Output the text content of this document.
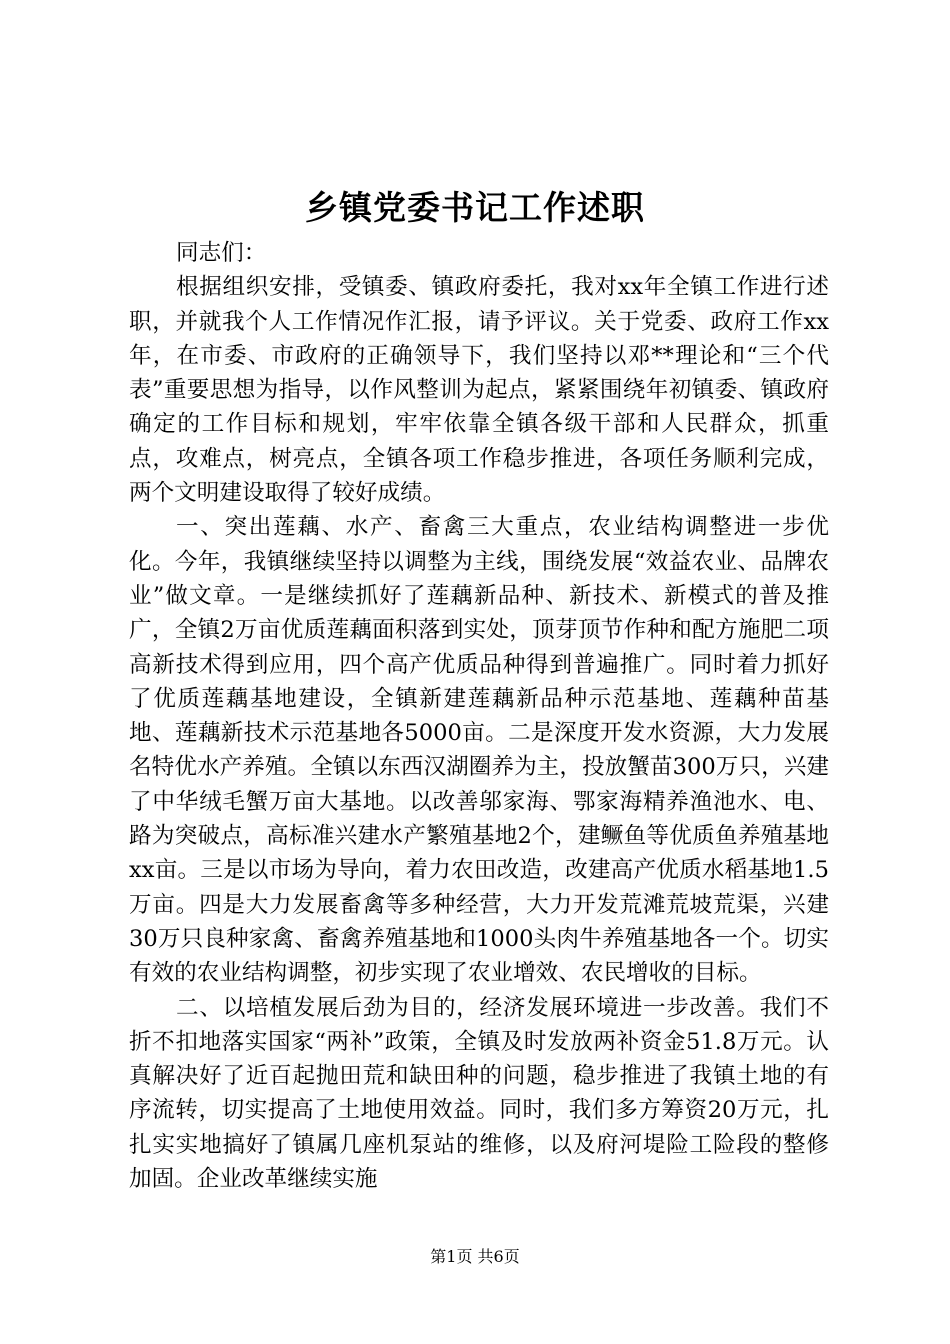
乡镇党委书记工作述职

同志们：

根据组织安排，受镇委、镇政府委托，我对xx年全镇工作进行述职，并就我个人工作情况作汇报，请予评议。关于党委、政府工作xx年，在市委、市政府的正确领导下，我们坚持以邓**理论和“三个代表”重要思想为指导，以作风整训为起点，紧紧围绕年初镇委、镇政府确定的工作目标和规划，牢牢依靠全镇各级干部和人民群众，抓重点，攻难点，树亮点，全镇各项工作稳步推进，各项任务顺利完成，两个文明建设取得了较好成绩。

一、突出莲藕、水产、畜禽三大重点，农业结构调整进一步优化。今年，我镇继续坚持以调整为主线，围绕发展“效益农业、品牌农业”做文章。一是继续抓好了莲藕新品种、新技术、新模式的普及推广，全镇2万亩优质莲藕面积落到实处，顶芽顶节作种和配方施肥二项高新技术得到应用，四个高产优质品种得到普遍推广。同时着力抓好了优质莲藕基地建设，全镇新建莲藕新品种示范基地、莲藕种苗基地、莲藕新技术示范基地各5000亩。二是深度开发水资源，大力发展名特优水产养殖。全镇以东西汉湖圈养为主，投放蟹苗300万只，兴建了中华绒毛蟹万亩大基地。以改善邬家海、鄂家海精养渔池水、电、路为突破点，高标准兴建水产繁殖基地2个，建鳜鱼等优质鱼养殖基地xx亩。三是以市场为导向，着力农田改造，改建高产优质水稻基地1.5万亩。四是大力发展畜禽等多种经营，大力开发荒滩荒坡荒渠，兴建30万只良种家禽、畜禽养殖基地和1000头肉牛养殖基地各一个。切实有效的农业结构调整，初步实现了农业增效、农民增收的目标。

二、以培植发展后劲为目的，经济发展环境进一步改善。我们不折不扣地落实国家“两补”政策，全镇及时发放两补资金51.8万元。认真解决好了近百起抛田荒和缺田种的问题，稳步推进了我镇土地的有序流转，切实提高了土地使用效益。同时，我们多方筹资20万元，扎扎实实地搞好了镇属几座机泵站的维修，以及府河堤险工险段的整修加固。企业改革继续实施

第1页 共6页
